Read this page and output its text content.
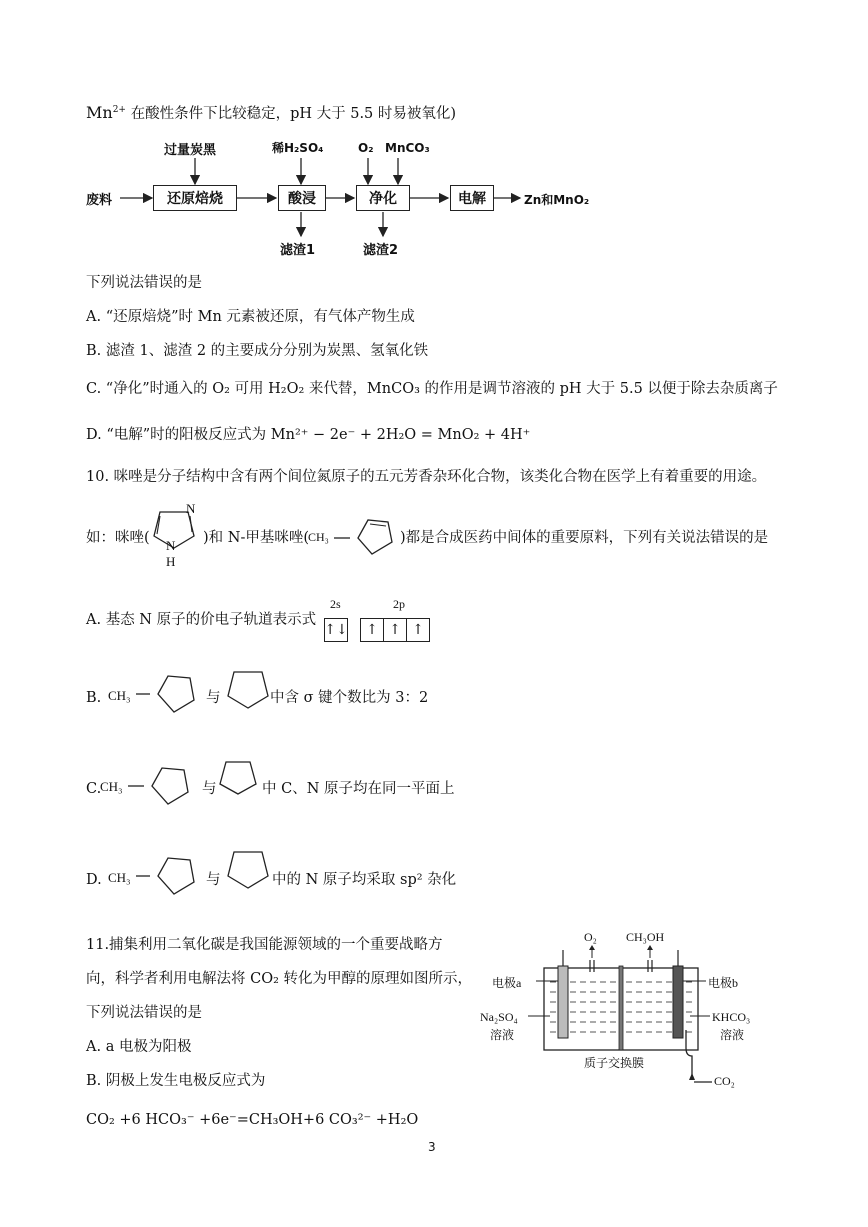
$Mn^{2+}$ 在酸性条件下比较稳定，pH 大于 5.5 时易被氧化)
废料	还原焙烧	酸浸	净化	电解	Zn和MnO₂
过量炭黑	稀H₂SO₄	O₂ MnCO₃
滤渣1	滤渣2
下列说法错误的是
A. “还原焙烧”时 Mn 元素被还原，有气体产物生成
B. 滤渣 1、滤渣 2 的主要成分分别为炭黑、氢氧化铁
C. “净化”时通入的 O₂ 可用 H₂O₂ 来代替，MnCO₃ 的作用是调节溶液的 pH 大于 5.5 以便于除去杂质离子
D. “电解”时的阳极反应式为 Mn²⁺ − 2e⁻ + 2H₂O = MnO₂ + 4H⁺
10. 咪唑是分子结构中含有两个间位氮原子的五元芳香杂环化合物，该类化合物在医学上有着重要的用途。
如：咪唑(
N
N
H
)和 N-甲基咪唑(
CH₃	)都是合成医药中间体的重要原料，下列有关说法错误的是
A. 基态 N 原子的价电子轨道表示式
2s
↑↓
2p
↑ ↑ ↑
B. CH₃	与	中含 σ 键个数比为 3：2
C.
CH₃	与	中 C、N 原子均在同一平面上
D. CH₃	与	中的 N 原子均采取 sp² 杂化
11.捕集利用二氧化碳是我国能源领域的一个重要战略方
向，科学者利用电解法将 CO₂ 转化为甲醇的原理如图所示，
下列说法错误的是
A. a 电极为阳极
B. 阴极上发生电极反应式为
CO₂ +6 HCO₃⁻ +6e⁻=CH₃OH+6 CO₃²⁻ +H₂O
O₂ CH₃OH
电极a	电极b
Na₂SO₄
溶液
KHCO₃
溶液
质子交换膜
CO₂
3
